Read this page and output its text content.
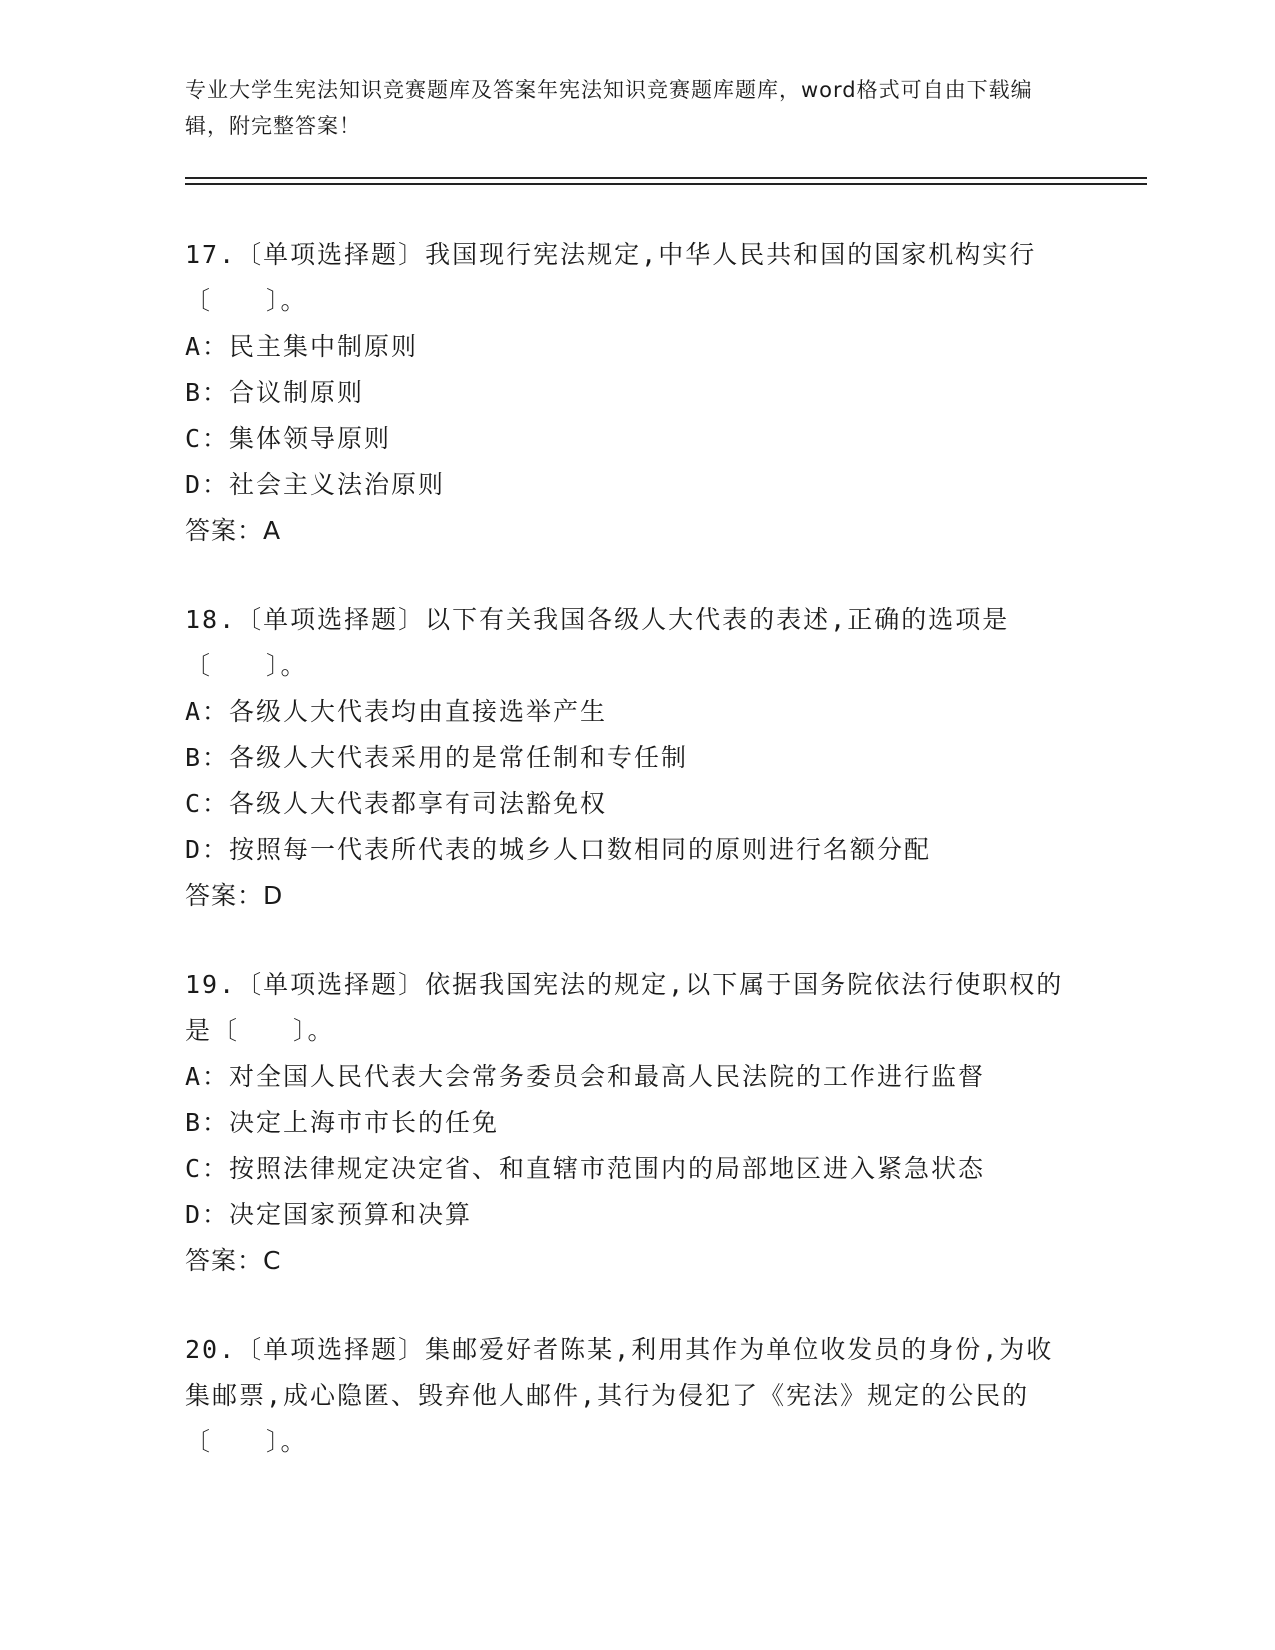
专业大学生宪法知识竞赛题库及答案年宪法知识竞赛题库题库，word格式可自由下载编辑，附完整答案！
17.〔单项选择题〕我国现行宪法规定,中华人民共和国的国家机构实行〔　　〕。
A：民主集中制原则
B：合议制原则
C：集体领导原则
D：社会主义法治原则
答案：A
18.〔单项选择题〕以下有关我国各级人大代表的表述,正确的选项是〔　　〕。
A：各级人大代表均由直接选举产生
B：各级人大代表采用的是常任制和专任制
C：各级人大代表都享有司法豁免权
D：按照每一代表所代表的城乡人口数相同的原则进行名额分配
答案：D
19.〔单项选择题〕依据我国宪法的规定,以下属于国务院依法行使职权的是〔　　〕。
A：对全国人民代表大会常务委员会和最高人民法院的工作进行监督
B：决定上海市市长的任免
C：按照法律规定决定省、和直辖市范围内的局部地区进入紧急状态
D：决定国家预算和决算
答案：C
20.〔单项选择题〕集邮爱好者陈某,利用其作为单位收发员的身份,为收集邮票,成心隐匿、毁弃他人邮件,其行为侵犯了《宪法》规定的公民的〔　　〕。
